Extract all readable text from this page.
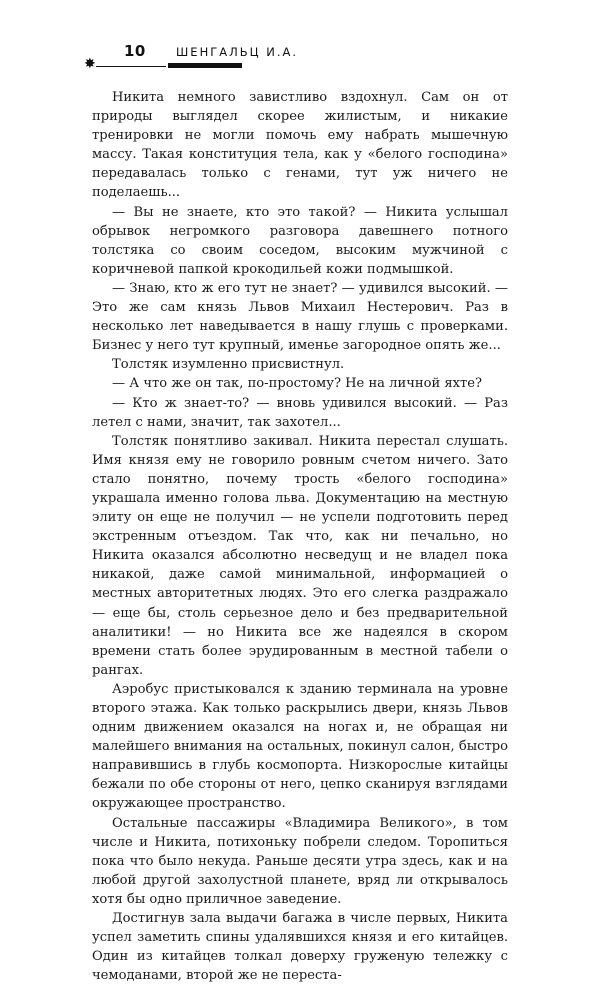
✸
10	ШЕНГАЛЬЦ И.А.

Никита немного завистливо вздохнул. Сам он от природы выглядел скорее жилистым, и никакие тренировки не могли помочь ему набрать мышечную массу. Такая конституция тела, как у «белого господина» передавалась только с генами, тут уж ничего не поделаешь...

— Вы не знаете, кто это такой? — Никита услышал обрывок негромкого разговора давешнего потного толстяка со своим соседом, высоким мужчиной с коричневой папкой крокодильей кожи подмышкой.

— Знаю, кто ж его тут не знает? — удивился высокий. — Это же сам князь Львов Михаил Нестерович. Раз в несколько лет наведывается в нашу глушь с проверками. Бизнес у него тут крупный, именье загородное опять же...

Толстяк изумленно присвистнул.

— А что же он так, по-простому? Не на личной яхте?

— Кто ж знает-то? — вновь удивился высокий. — Раз летел с нами, значит, так захотел...

Толстяк понятливо закивал. Никита перестал слушать. Имя князя ему не говорило ровным счетом ничего. Зато стало понятно, почему трость «белого господина» украшала именно голова льва. Документацию на местную элиту он еще не получил — не успели подготовить перед экстренным отъездом. Так что, как ни печально, но Никита оказался абсолютно несведущ и не владел пока никакой, даже самой минимальной, информацией о местных авторитетных людях. Это его слегка раздражало — еще бы, столь серьезное дело и без предварительной аналитики! — но Никита все же надеялся в скором времени стать более эрудированным в местной табели о рангах.

Аэробус пристыковался к зданию терминала на уровне второго этажа. Как только раскрылись двери, князь Львов одним движением оказался на ногах и, не обращая ни малейшего внимания на остальных, покинул салон, быстро направившись в глубь космопорта. Низкорослые китайцы бежали по обе стороны от него, цепко сканируя взглядами окружающее пространство.

Остальные пассажиры «Владимира Великого», в том числе и Никита, потихоньку побрели следом. Торопиться пока что было некуда. Раньше десяти утра здесь, как и на любой другой захолустной планете, вряд ли открывалось хотя бы одно приличное заведение.

Достигнув зала выдачи багажа в числе первых, Никита успел заметить спины удалявшихся князя и его китайцев. Один из китайцев толкал доверху груженую тележку с чемоданами, второй же не переста-
